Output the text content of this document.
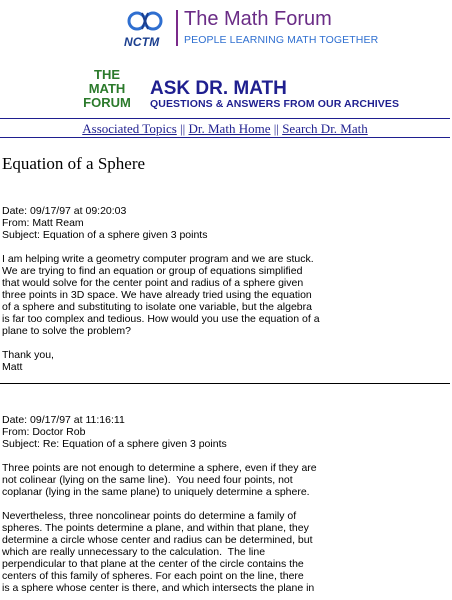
NCTM
The Math Forum
PEOPLE LEARNING MATH TOGETHER
THE
MATH
FORUM
ASK DR. MATH
QUESTIONS & ANSWERS FROM OUR ARCHIVES
Associated Topics || Dr. Math Home || Search Dr. Math
Equation of a Sphere

Date: 09/17/97 at 09:20:03

From: Matt Ream

Subject: Equation of a sphere given 3 points

I am helping write a geometry computer program and we are stuck.

We are trying to find an equation or group of equations simplified

that would solve for the center point and radius of a sphere given

three points in 3D space. We have already tried using the equation

of a sphere and substituting to isolate one variable, but the algebra

is far too complex and tedious. How would you use the equation of a

plane to solve the problem?

Thank you,

Matt

Date: 09/17/97 at 11:16:11

From: Doctor Rob

Subject: Re: Equation of a sphere given 3 points

Three points are not enough to determine a sphere, even if they are

not colinear (lying on the same line).  You need four points, not

coplanar (lying in the same plane) to uniquely determine a sphere.

Nevertheless, three noncolinear points do determine a family of

spheres. The points determine a plane, and within that plane, they

determine a circle whose center and radius can be determined, but

which are really unnecessary to the calculation.  The line

perpendicular to that plane at the center of the circle contains the

centers of this family of spheres. For each point on the line, there

is a sphere whose center is there, and which intersects the plane in
